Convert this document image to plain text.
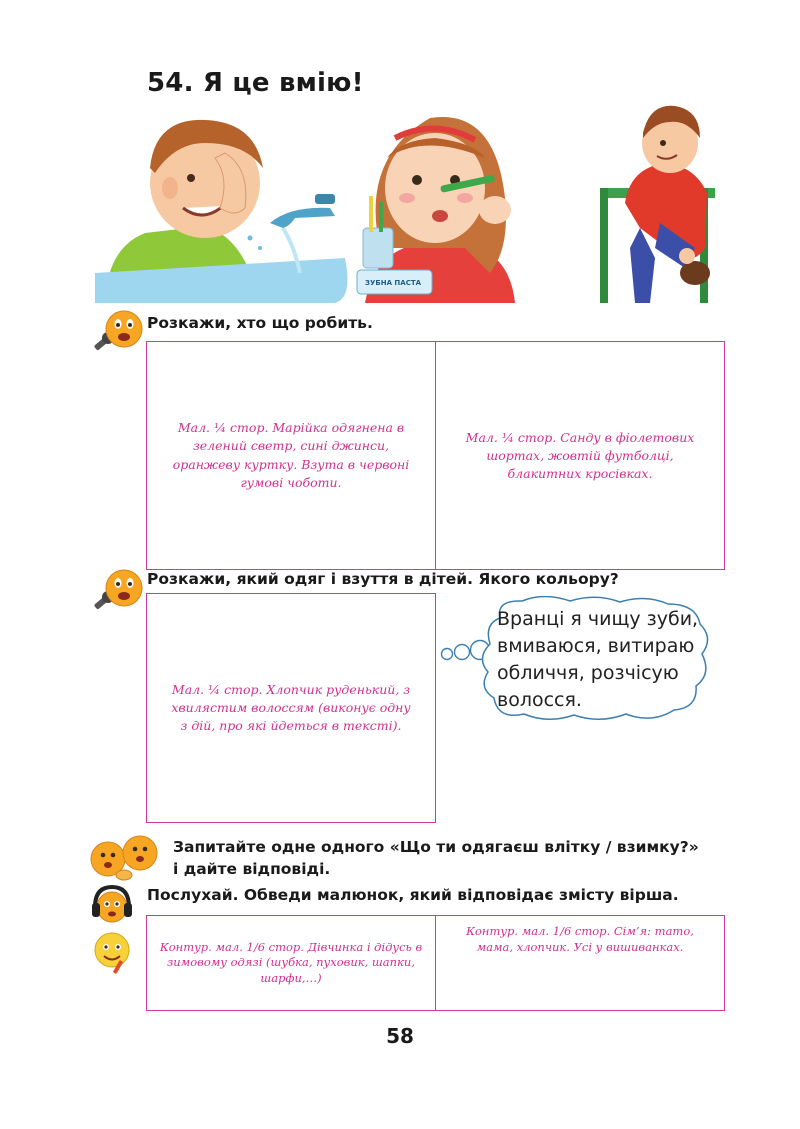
54. Я це вмію!
ЗУБНА ПАСТА
Розкажи, хто що робить.
Мал. ¼ стор. Марійка одягнена в зелений светр, сині джинси, оранжеву куртку. Взута в червоні гумові чоботи.
Мал. ¼ стор. Санду в фіолетових шортах, жовтій футболці, блакитних кросівках.
Розкажи, який одяг і взуття в дітей. Якого кольору?
Мал. ¼ стор. Хлопчик руденький, з хвилястим волоссям (виконує одну з дій, про які йдеться в тексті).
Вранці я чищу зуби,
вмиваюся, витираю
обличчя, розчісую
волосся.
Запитайте одне одного «Що ти одягаєш влітку / взимку?»
і дайте відповіді.
Послухай. Обведи малюнок, який відповідає змісту вірша.
Контур. мал. 1/6 стор. Дівчинка і дідусь в зимовому одязі (шубка, пуховик, шапки, шарфи,…)
Контур. мал. 1/6 стор. Сім’я: тато, мама, хлопчик. Усі у вишиванках.
58
